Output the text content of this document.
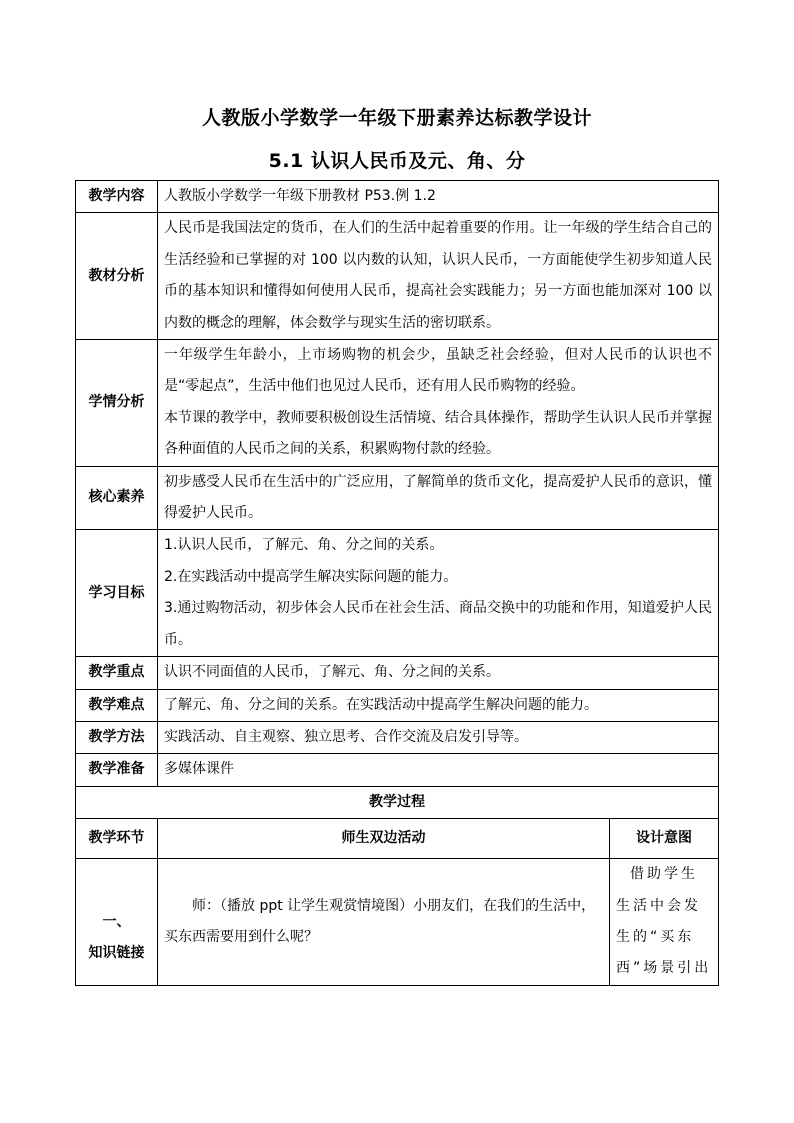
人教版小学数学一年级下册素养达标教学设计
5.1 认识人民币及元、角、分
教学内容	人教版小学数学一年级下册教材 P53.例 1.2	
教材分析	人民币是我国法定的货币，在人们的生活中起着重要的作用。让一年级的学生结合自己的生活经验和已掌握的对 100 以内数的认知，认识人民币，一方面能使学生初步知道人民币的基本知识和懂得如何使用人民币，提高社会实践能力；另一方面也能加深对 100 以内数的概念的理解，体会数学与现实生活的密切联系。	
学情分析	一年级学生年龄小，上市场购物的机会少，虽缺乏社会经验，但对人民币的认识也不是“零起点”，生活中他们也见过人民币，还有用人民币购物的经验。
本节课的教学中，教师要积极创设生活情境、结合具体操作，帮助学生认识人民币并掌握各种面值的人民币之间的关系，积累购物付款的经验。	

核心素养	初步感受人民币在生活中的广泛应用，了解简单的货币文化，提高爱护人民币的意识，懂得爱护人民币。	
学习目标	1.认识人民币，了解元、角、分之间的关系。
2.在实践活动中提高学生解决实际问题的能力。
3.通过购物活动，初步体会人民币在社会生活、商品交换中的功能和作用，知道爱护人民币。	

教学重点	认识不同面值的人民币，了解元、角、分之间的关系。	
教学难点	了解元、角、分之间的关系。在实践活动中提高学生解决问题的能力。	
教学方法	实践活动、自主观察、独立思考、合作交流及启发引导等。	
教学准备	多媒体课件	
教学过程		
教学环节	师生双边活动	设计意图

一、
知识链接	师：（播放 ppt 让学生观赏情境图）小朋友们，在我们的生活中，买东西需要用到什么呢？	借助学生生活中会发生的“买东西”场景引出
